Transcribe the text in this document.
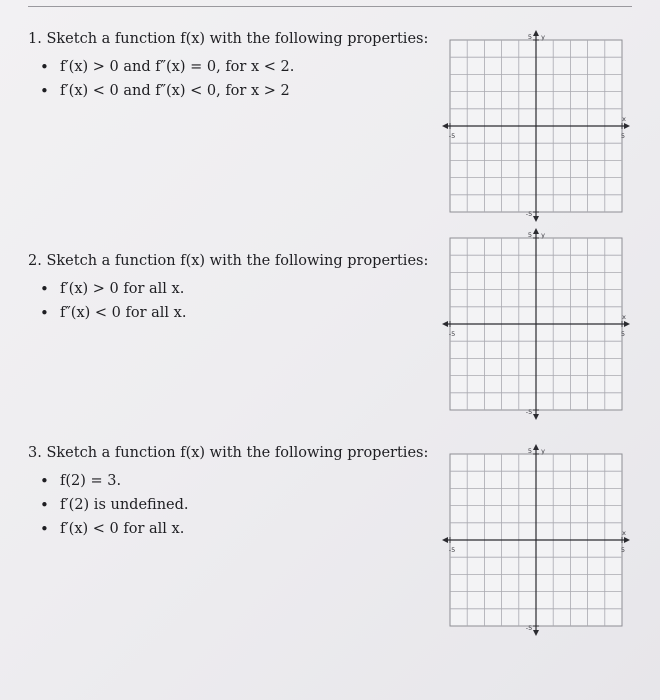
1. Sketch a function f(x) with the following properties:
• f′(x) > 0 and f″(x) = 0, for x < 2.
• f′(x) < 0 and f″(x) < 0, for x > 2
2. Sketch a function f(x) with the following properties:
• f′(x) > 0 for all x.
• f″(x) < 0 for all x.
3. Sketch a function f(x) with the following properties:
• f(2) = 3.
• f′(2) is undefined.
• f′(x) < 0 for all x.
x
5
-5
y
5
-5
x
5
-5
y
5
-5
x
5
-5
y
5
-5
